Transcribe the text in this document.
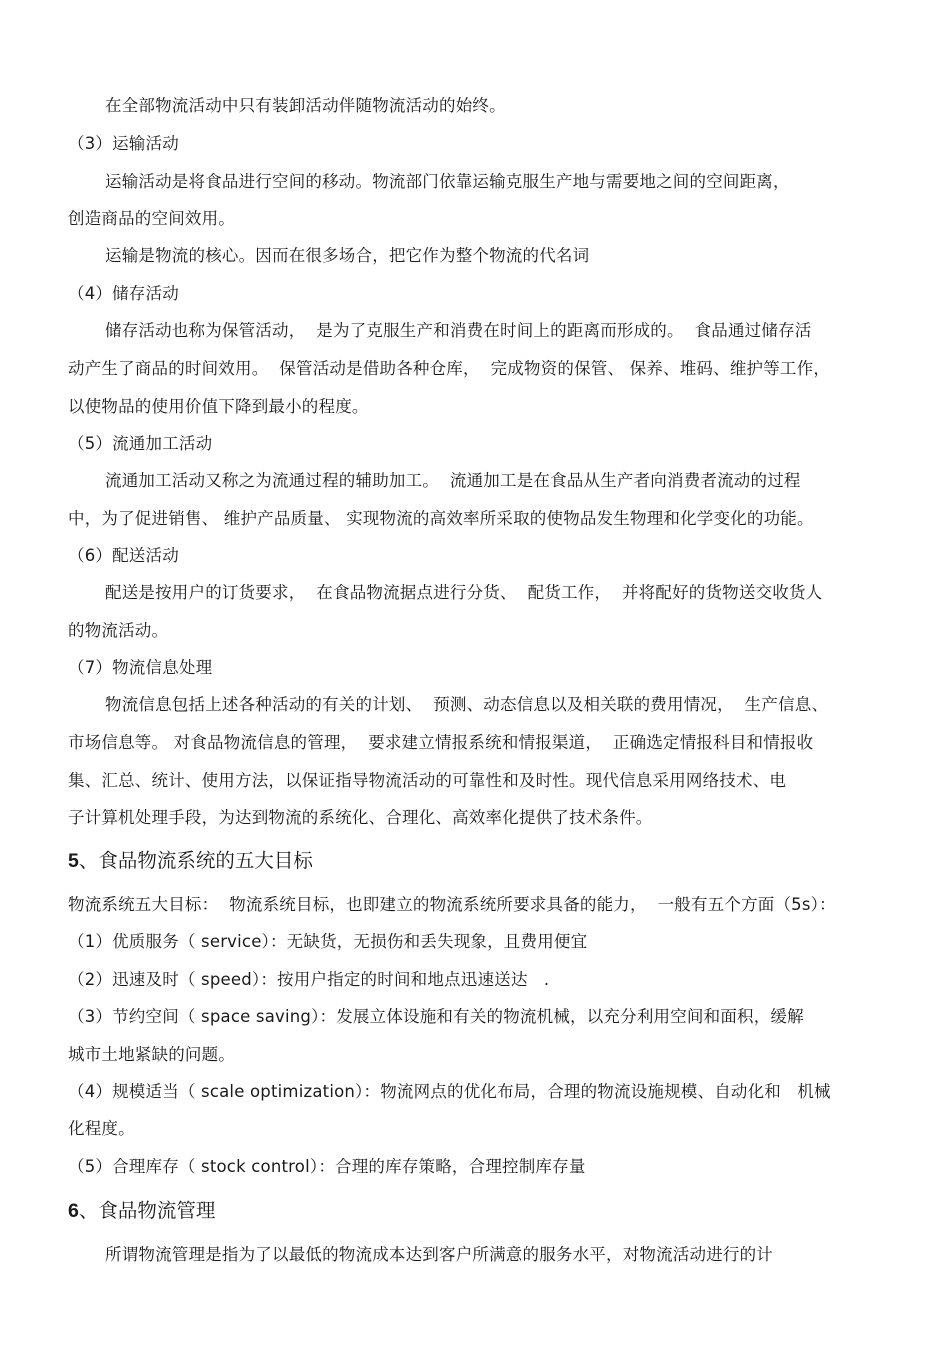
在全部物流活动中只有装卸活动伴随物流活动的始终。
（3）运输活动
运输活动是将食品进行空间的移动。物流部门依靠运输克服生产地与需要地之间的空间距离，
创造商品的空间效用。
运输是物流的核心。因而在很多场合，把它作为整个物流的代名词
（4）储存活动
储存活动也称为保管活动，  是为了克服生产和消费在时间上的距离而形成的。  食品通过储存活
动产生了商品的时间效用。  保管活动是借助各种仓库，  完成物资的保管、 保养、堆码、维护等工作，
以使物品的使用价值下降到最小的程度。
（5）流通加工活动
流通加工活动又称之为流通过程的辅助加工。  流通加工是在食品从生产者向消费者流动的过程
中，为了促进销售、 维护产品质量、 实现物流的高效率所采取的使物品发生物理和化学变化的功能。
（6）配送活动
配送是按用户的订货要求，  在食品物流据点进行分货、  配货工作，  并将配好的货物送交收货人
的物流活动。
（7）物流信息处理
物流信息包括上述各种活动的有关的计划、  预测、动态信息以及相关联的费用情况，  生产信息、
市场信息等。 对食品物流信息的管理，  要求建立情报系统和情报渠道，  正确选定情报科目和情报收
集、汇总、统计、使用方法，以保证指导物流活动的可靠性和及时性。现代信息采用网络技术、电
子计算机处理手段，为达到物流的系统化、合理化、高效率化提供了技术条件。
5、食品物流系统的五大目标
物流系统五大目标：  物流系统目标，也即建立的物流系统所要求具备的能力，  一般有五个方面（5s）：
（1）优质服务（ service）：无缺货，无损伤和丢失现象，且费用便宜
（2）迅速及时（ speed）：按用户指定的时间和地点迅速送达   .
（3）节约空间（ space saving）：发展立体设施和有关的物流机械，以充分利用空间和面积，缓解
城市土地紧缺的问题。
（4）规模适当（ scale optimization）：物流网点的优化布局，合理的物流设施规模、自动化和   机械
化程度。
（5）合理库存（ stock control）：合理的库存策略，合理控制库存量
6、食品物流管理
所谓物流管理是指为了以最低的物流成本达到客户所满意的服务水平，对物流活动进行的计
